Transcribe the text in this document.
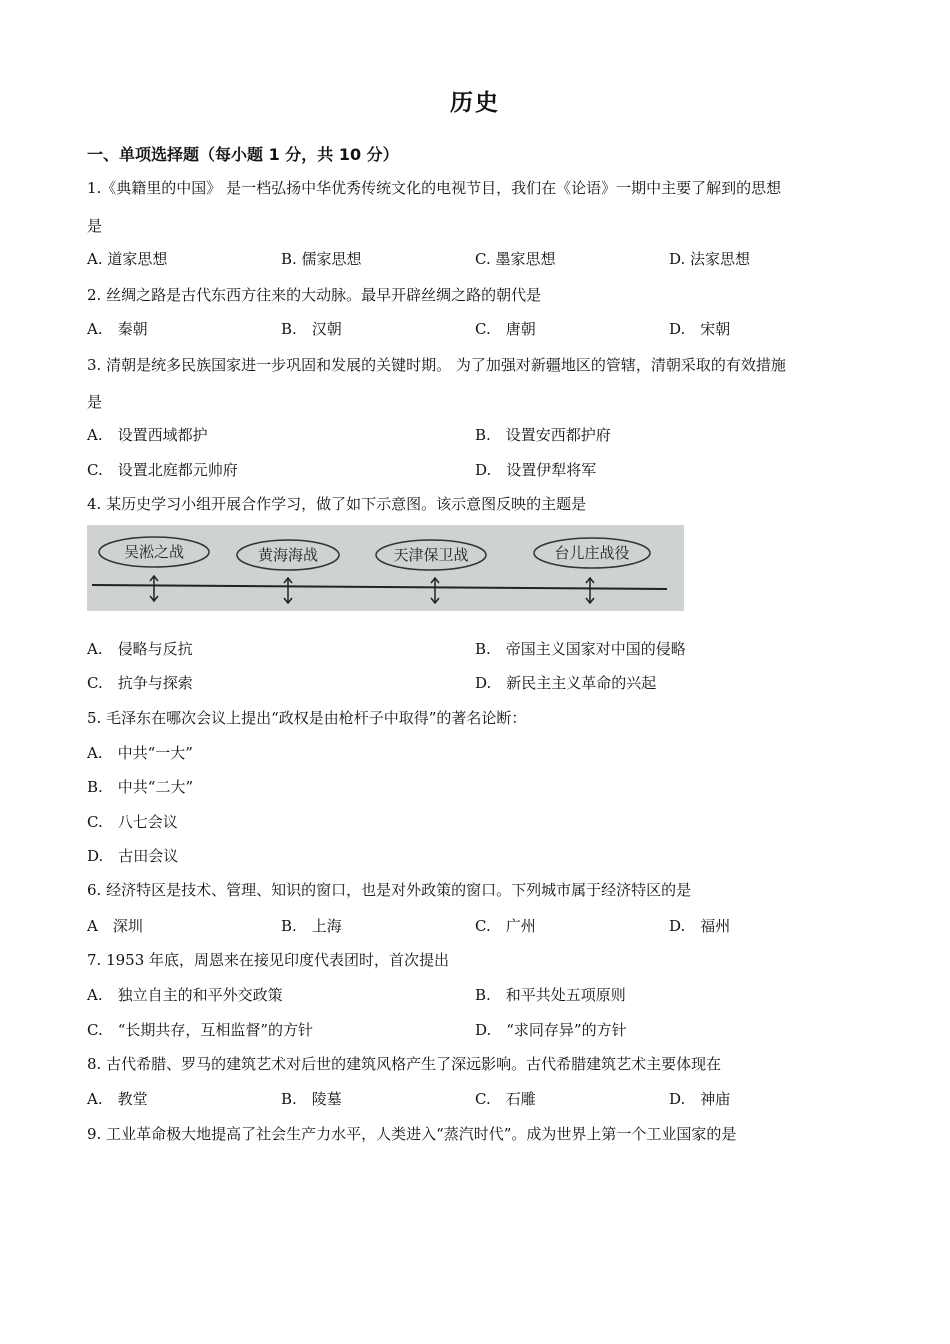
历史
一、单项选择题（每小题 1 分，共 10 分）
1.《典籍里的中国》 是一档弘扬中华优秀传统文化的电视节目，我们在《论语》一期中主要了解到的思想
是
A. 道家思想	B. 儒家思想	C. 墨家思想	D. 法家思想
2. 丝绸之路是古代东西方往来的大动脉。最早开辟丝绸之路的朝代是
A.　秦朝	B.　汉朝	C.　唐朝	D.　宋朝
3. 清朝是统多民族国家进一步巩固和发展的关键时期。 为了加强对新疆地区的管辖，清朝采取的有效措施
是
A.　设置西域都护	B.　设置安西都护府
C.　设置北庭都元帅府	D.　设置伊犁将军
4. 某历史学习小组开展合作学习，做了如下示意图。该示意图反映的主题是
吴淞之战	黄海海战	天津保卫战	台儿庄战役
A.　侵略与反抗	B.　帝国主义国家对中国的侵略
C.　抗争与探索	D.　新民主主义革命的兴起
5. 毛泽东在哪次会议上提出“政权是由枪杆子中取得”的著名论断：
A.　中共“一大”
B.　中共“二大”
C.　八七会议
D.　古田会议
6. 经济特区是技术、管理、知识的窗口，也是对外政策的窗口。下列城市属于经济特区的是
A　深圳	B.　上海	C.　广州	D.　福州
7. 1953 年底，周恩来在接见印度代表团时，首次提出
A.　独立自主的和平外交政策	B.　和平共处五项原则
C.　“长期共存，互相监督”的方针	D.　“求同存异”的方针
8. 古代希腊、罗马的建筑艺术对后世的建筑风格产生了深远影响。古代希腊建筑艺术主要体现在
A.　教堂	B.　陵墓	C.　石雕	D.　神庙
9. 工业革命极大地提高了社会生产力水平，人类进入“蒸汽时代”。成为世界上第一个工业国家的是
